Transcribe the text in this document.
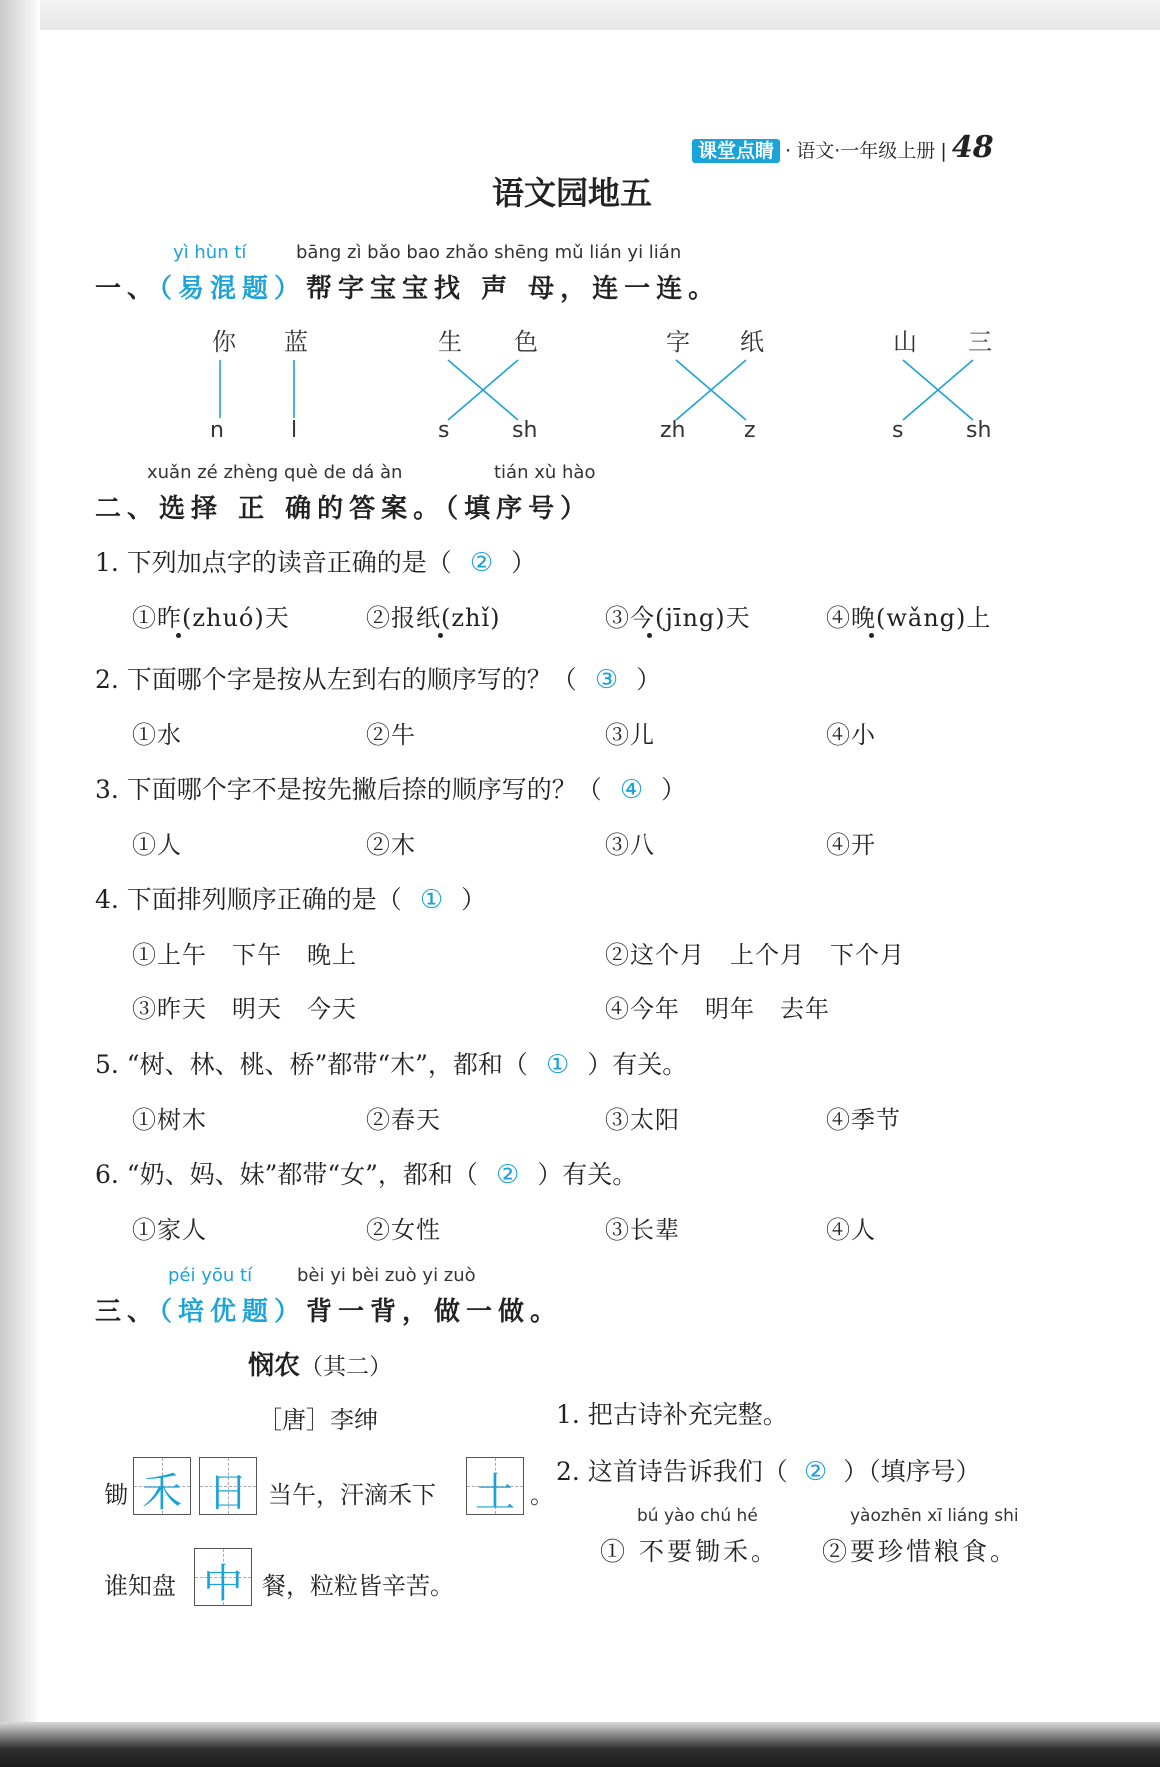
课堂点睛 · 语文·一年级上册 | 48
语文园地五
yì hùn tí	bāng zì bǎo bao zhǎo shēng mǔ lián yi lián
一、（易混题）帮字宝宝找 声 母，连一连。
你 蓝	生 色	字 纸	山 三
n	l	s	sh	zh	z	s	sh
xuǎn zé zhèng què de dá àn	tián xù hào
二、选择 正 确的答案。（填序号）
1. 下列加点字的读音正确的是（ ② ）
①昨(zhuó)天	②报纸(zhǐ)	③今(jīng)天	④晚(wǎng)上
2. 下面哪个字是按从左到右的顺序写的？（ ③ ）
①水	②牛	③儿	④小
3. 下面哪个字不是按先撇后捺的顺序写的？（ ④ ）
①人	②木	③八	④开
4. 下面排列顺序正确的是（ ① ）
①上午　下午　晚上	②这个月　上个月　下个月
③昨天　明天　今天	④今年　明年　去年
5. “树、林、桃、桥”都带“木”，都和（ ① ）有关。
①树木	②春天	③太阳	④季节
6. “奶、妈、妹”都带“女”，都和（ ② ）有关。
①家人	②女性	③长辈	④人
péi yōu tí bèi yi bèi zuò yi zuò
三、（培优题）背一背，做一做。
悯农（其二）
［唐］李绅
锄 禾 日 当午，汗滴禾下 土 。
谁知盘 中 餐，粒粒皆辛苦。
1. 把古诗补充完整。
2. 这首诗告诉我们（ ② ）（填序号）
bú yào chú hé	yàozhēn xī liáng shi
① 不要锄禾。 ②要珍惜粮食。
